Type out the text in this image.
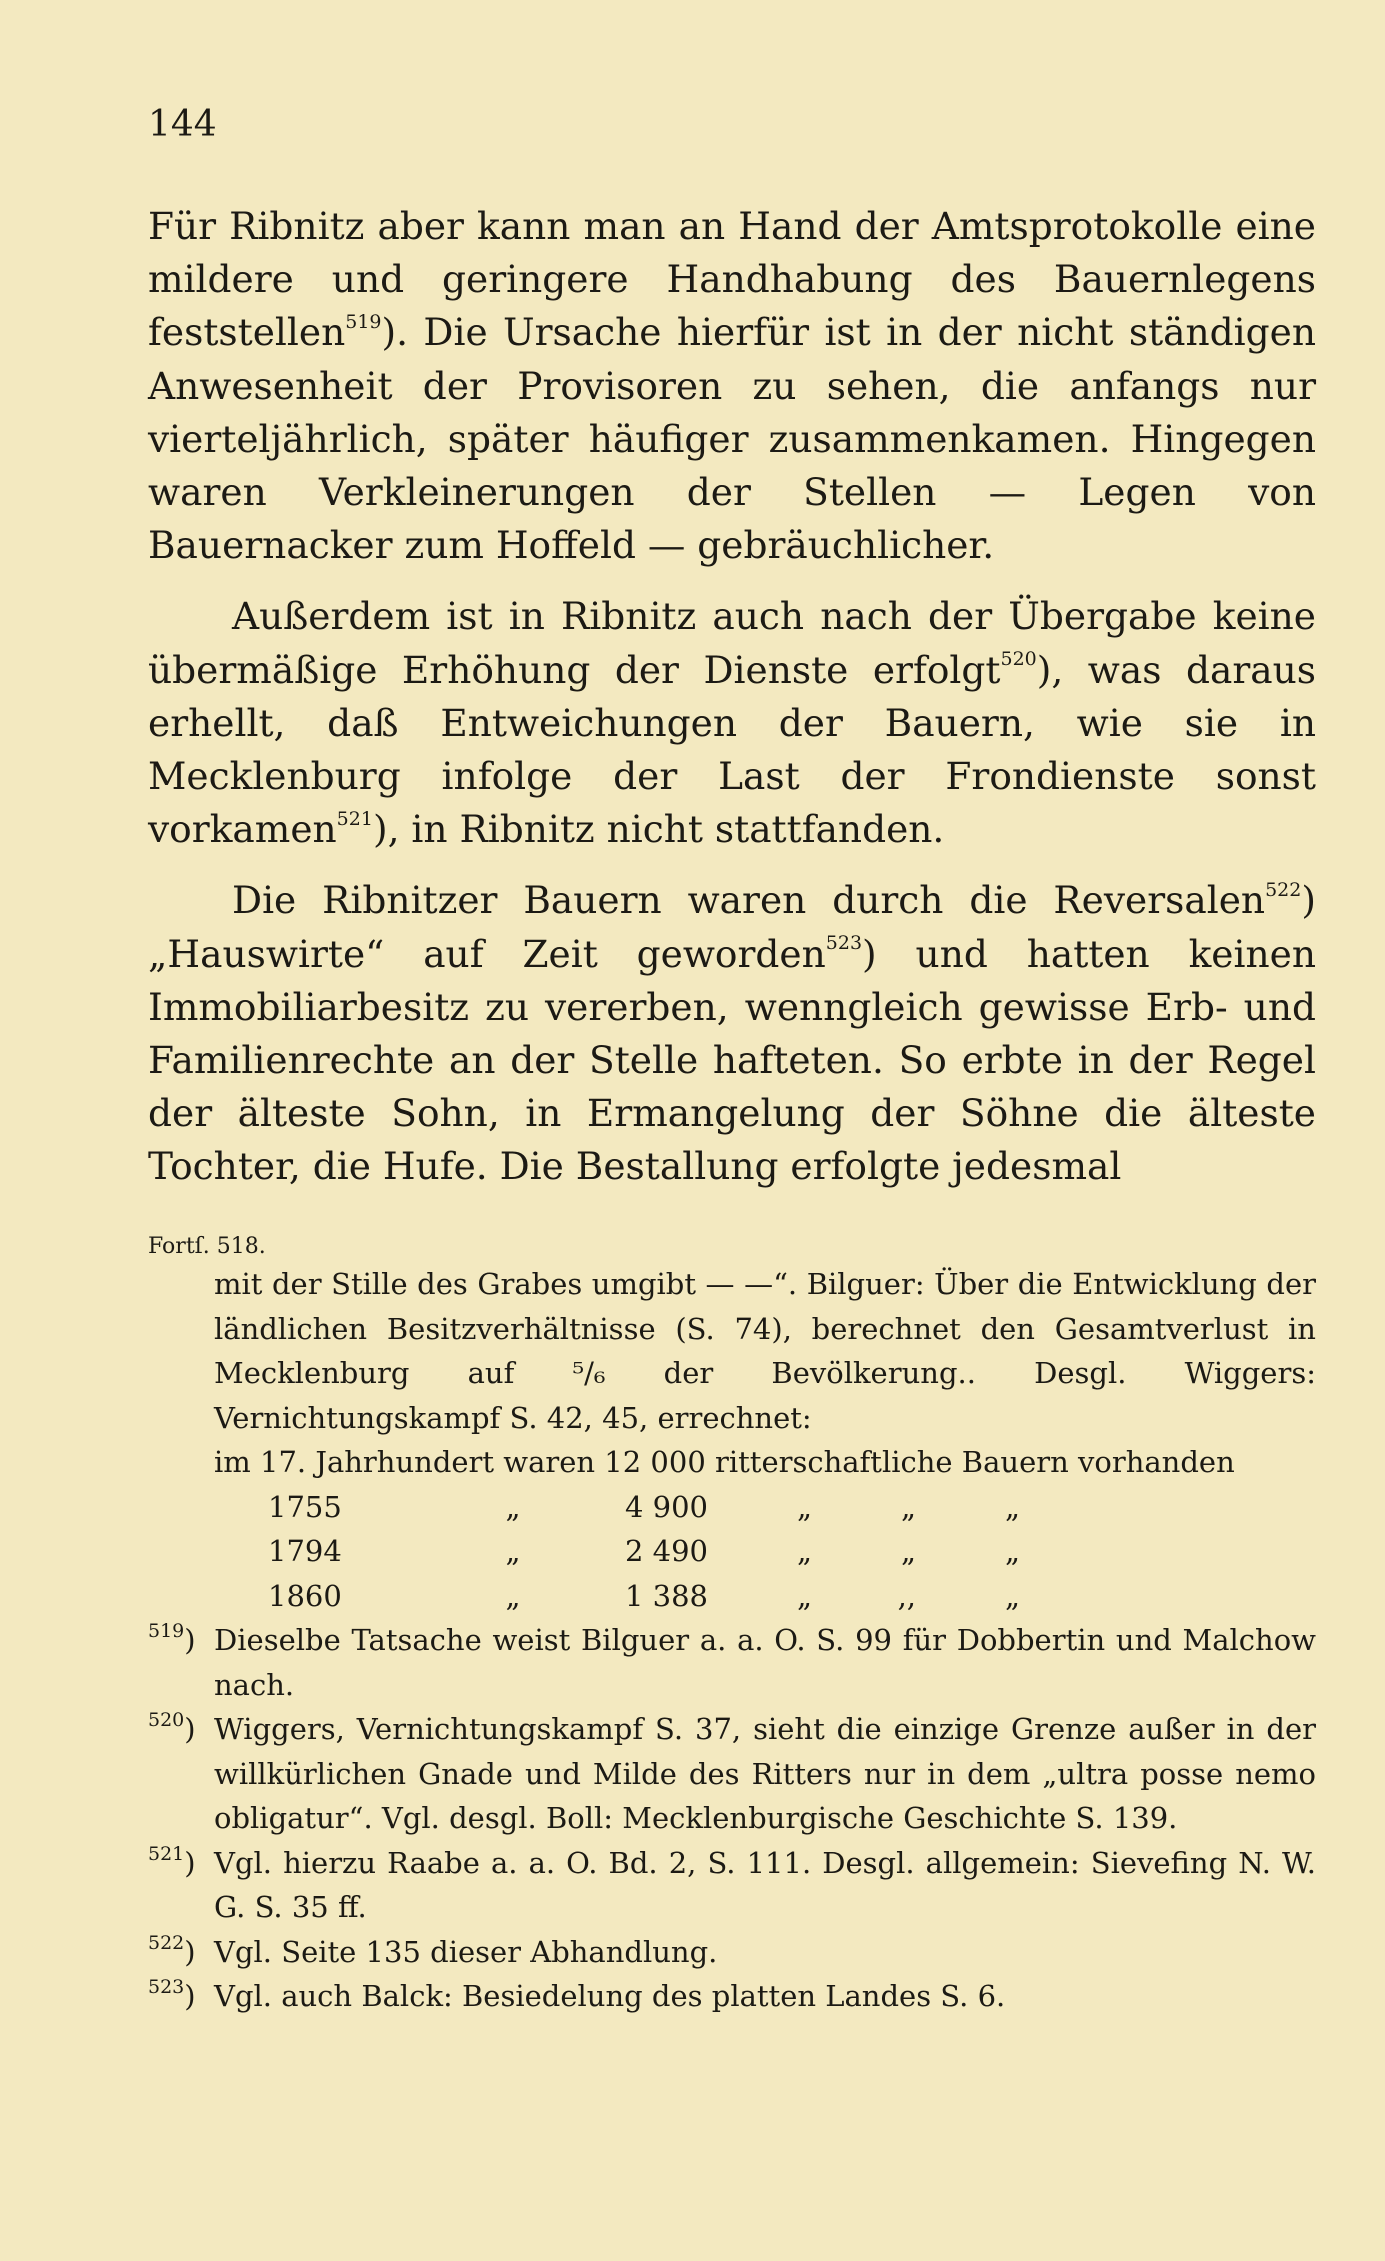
144

Für Ribnitz aber kann man an Hand der Amtsprotokolle eine mildere und geringere Handhabung des Bauernlegens feststellen$^{519}$). Die Ursache hierfür ist in der nicht ständigen Anwesenheit der Provisoren zu sehen, die anfangs nur vierteljährlich, später häufiger zusammenkamen. Hingegen waren Verkleinerungen der Stellen — Legen von Bauernacker zum Hoffeld — gebräuchlicher.

Außerdem ist in Ribnitz auch nach der Übergabe keine übermäßige Erhöhung der Dienste erfolgt$^{520}$), was daraus erhellt, daß Entweichungen der Bauern, wie sie in Mecklenburg infolge der Last der Frondienste sonst vorkamen$^{521}$), in Ribnitz nicht stattfanden.

Die Ribnitzer Bauern waren durch die Reversalen$^{522}$) „Hauswirte“ auf Zeit geworden$^{523}$) und hatten keinen Immobiliarbesitz zu vererben, wenngleich gewisse Erb- und Familienrechte an der Stelle hafteten. So erbte in der Regel der älteste Sohn, in Ermangelung der Söhne die älteste Tochter, die Hufe. Die Bestallung erfolgte jedesmal

Fortſ. 518.
mit der Stille des Grabes umgibt — —“. Bilguer: Über die Entwicklung der ländlichen Besitzverhältnisse (S. 74), berechnet den Gesamtverlust in Mecklenburg auf ⁵/₆ der Bevölkerung.. Desgl. Wiggers: Vernichtungskampf S. 42, 45, errechnet:
im 17. Jahrhundert waren 12 000 ritterschaftliche Bauern vorhanden
1755	„	4 900	„	„	„
1794	„	2 490	„	„	„
1860	„	1 388	„	,,	„
$^{519}$) Dieselbe Tatsache weist Bilguer a. a. O. S. 99 für Dobbertin und Malchow nach.
$^{520}$) Wiggers, Vernichtungskampf S. 37, sieht die einzige Grenze außer in der willkürlichen Gnade und Milde des Ritters nur in dem „ultra posse nemo obligatur“. Vgl. desgl. Boll: Mecklenburgische Geschichte S. 139.
$^{521}$) Vgl. hierzu Raabe a. a. O. Bd. 2, S. 111. Desgl. allgemein: Sievefing N. W. G. S. 35 ff.
$^{522}$) Vgl. Seite 135 dieser Abhandlung.
$^{523}$) Vgl. auch Balck: Besiedelung des platten Landes S. 6.
